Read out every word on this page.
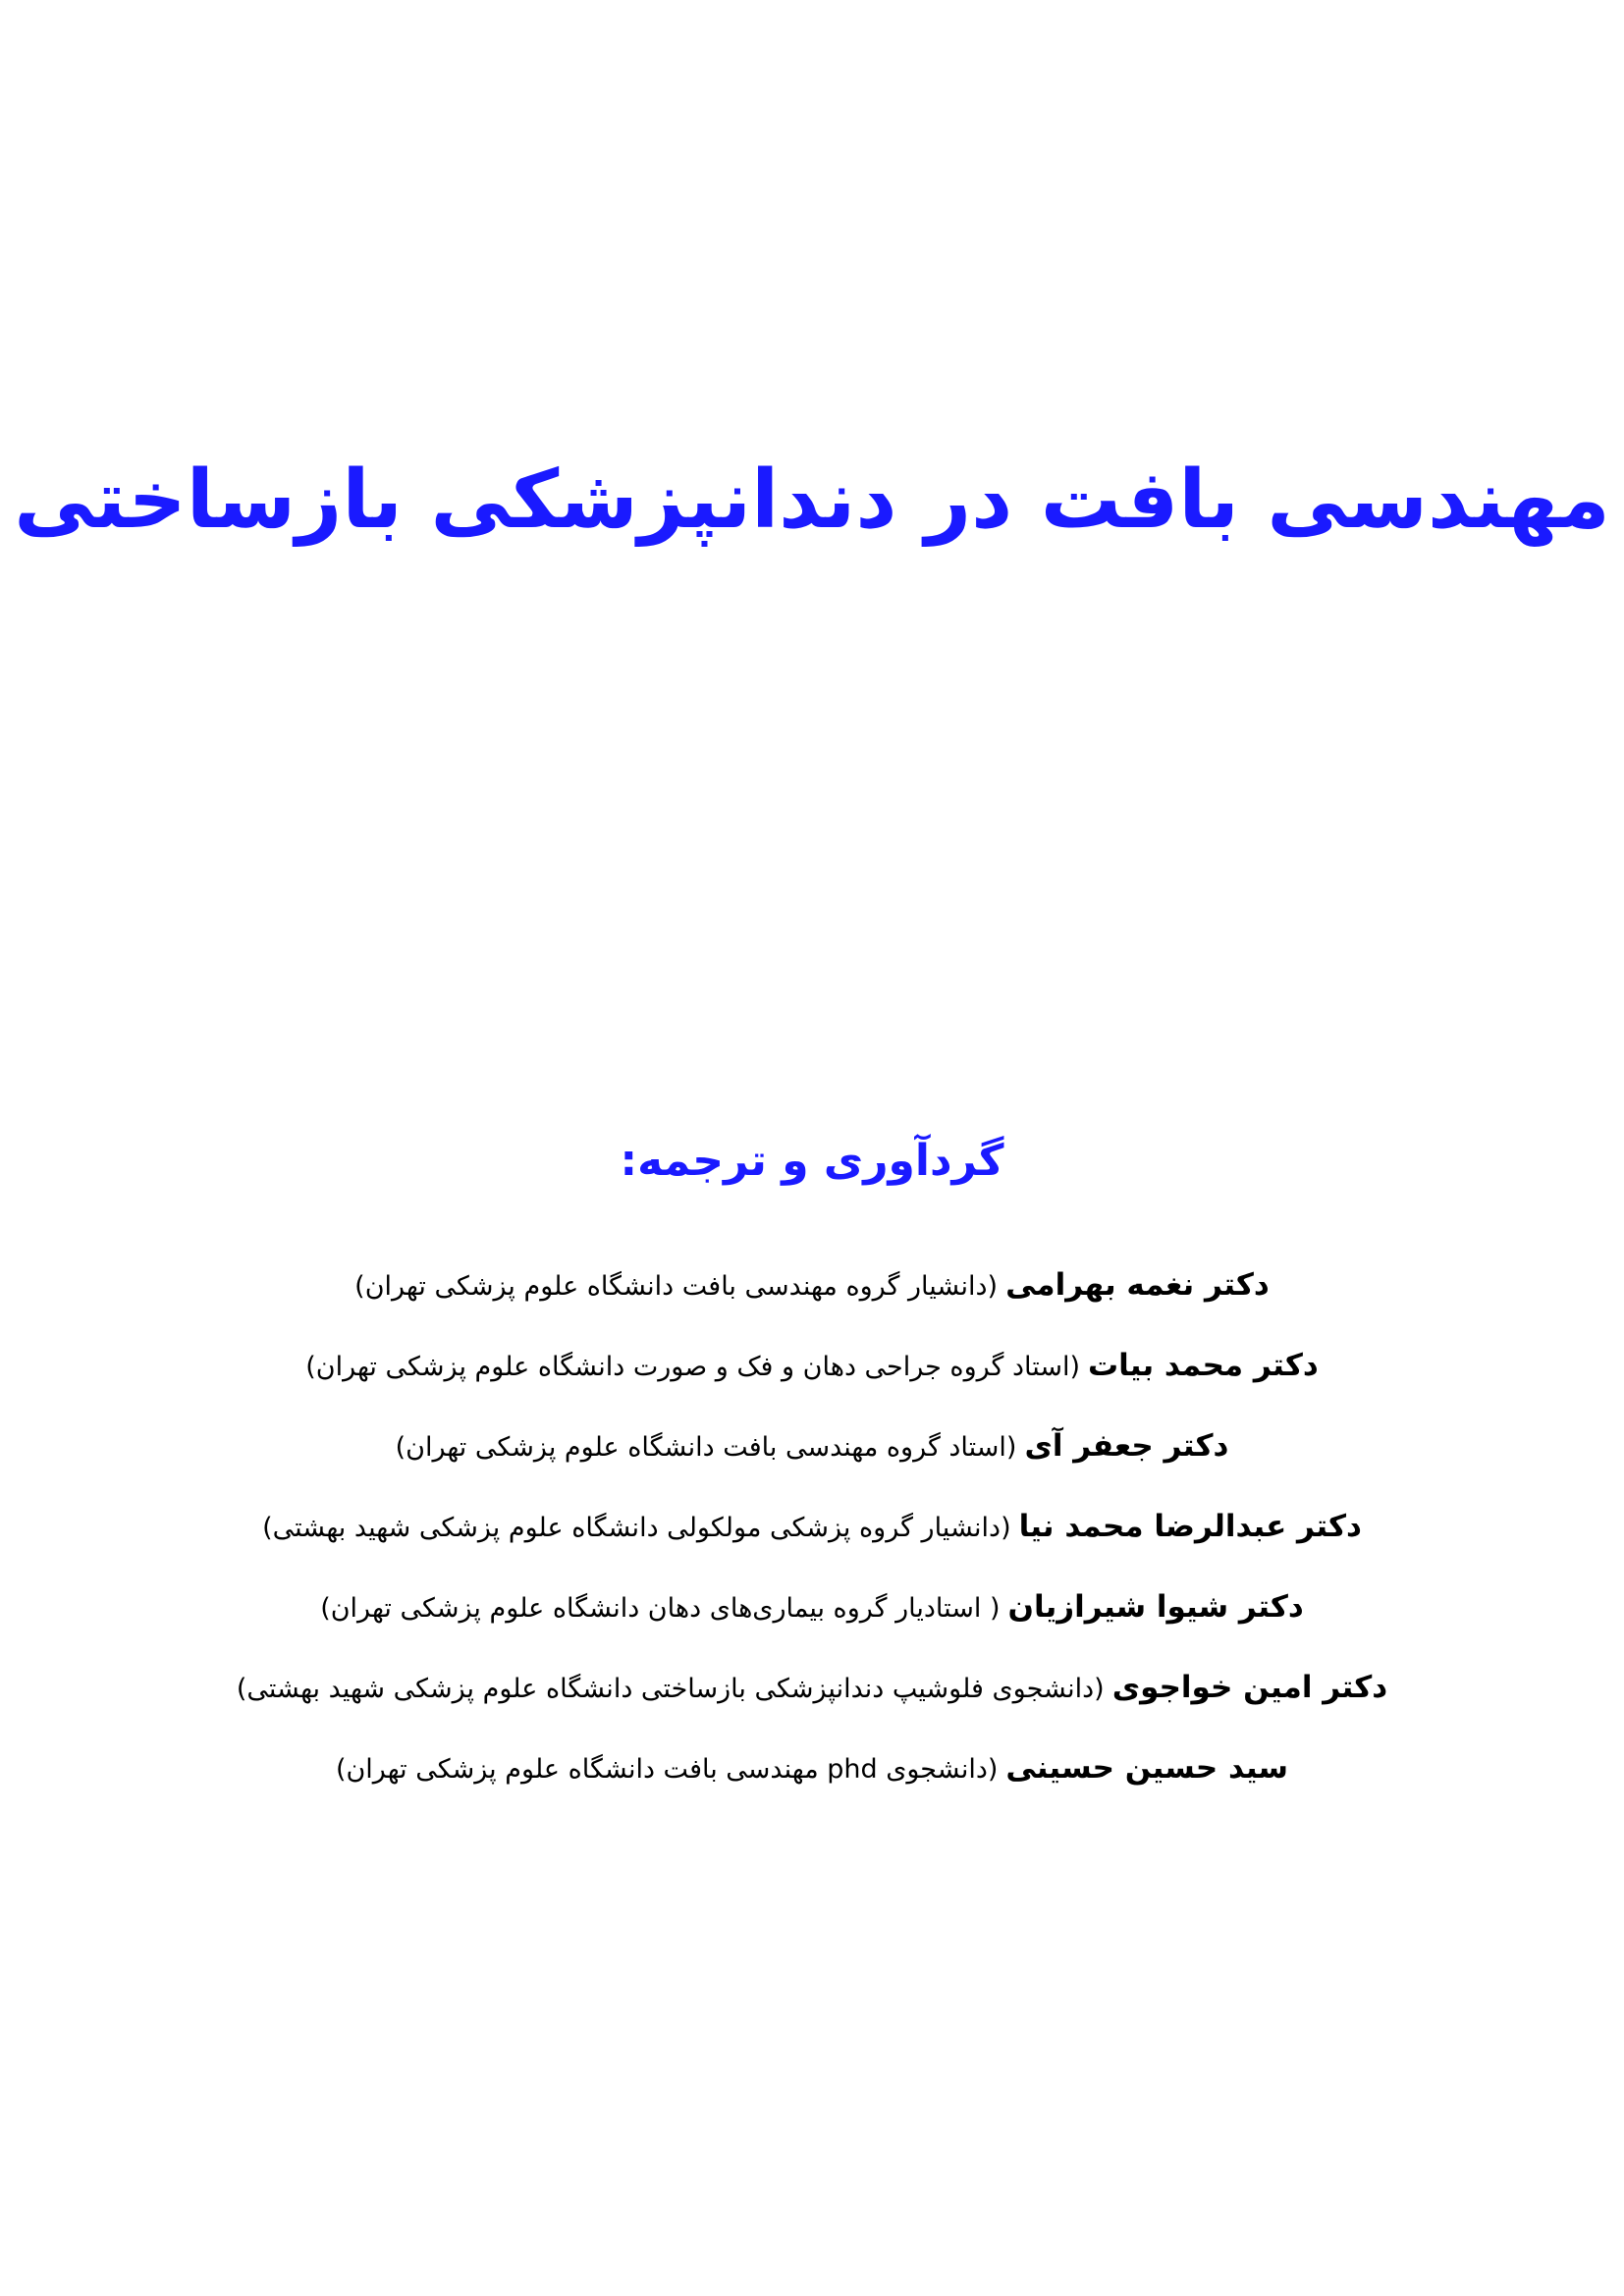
مهندسی بافت در دندانپزشکی بازساختی
گردآوری و ترجمه:
دکتر نغمه بهرامی(دانشیار گروه مهندسی بافت دانشگاه علوم پزشکی تهران)
دکتر محمد بیات(استاد گروه جراحی دهان و فک و صورت دانشگاه علوم پزشکی تهران)
دکتر جعفر آی(استاد گروه مهندسی بافت دانشگاه علوم پزشکی تهران)
دکتر عبدالرضا محمد نیا(دانشیار گروه پزشکی مولکولی دانشگاه علوم پزشکی شهید بهشتی)
دکتر شیوا شیرازیان( استادیار گروه بیماری‌های دهان دانشگاه علوم پزشکی تهران)
دکتر امین خواجوی(دانشجوی فلوشیپ دندانپزشکی بازساختی دانشگاه علوم پزشکی شهید بهشتی)
سید حسین حسینی(دانشجوی phd مهندسی بافت دانشگاه علوم پزشکی تهران)
